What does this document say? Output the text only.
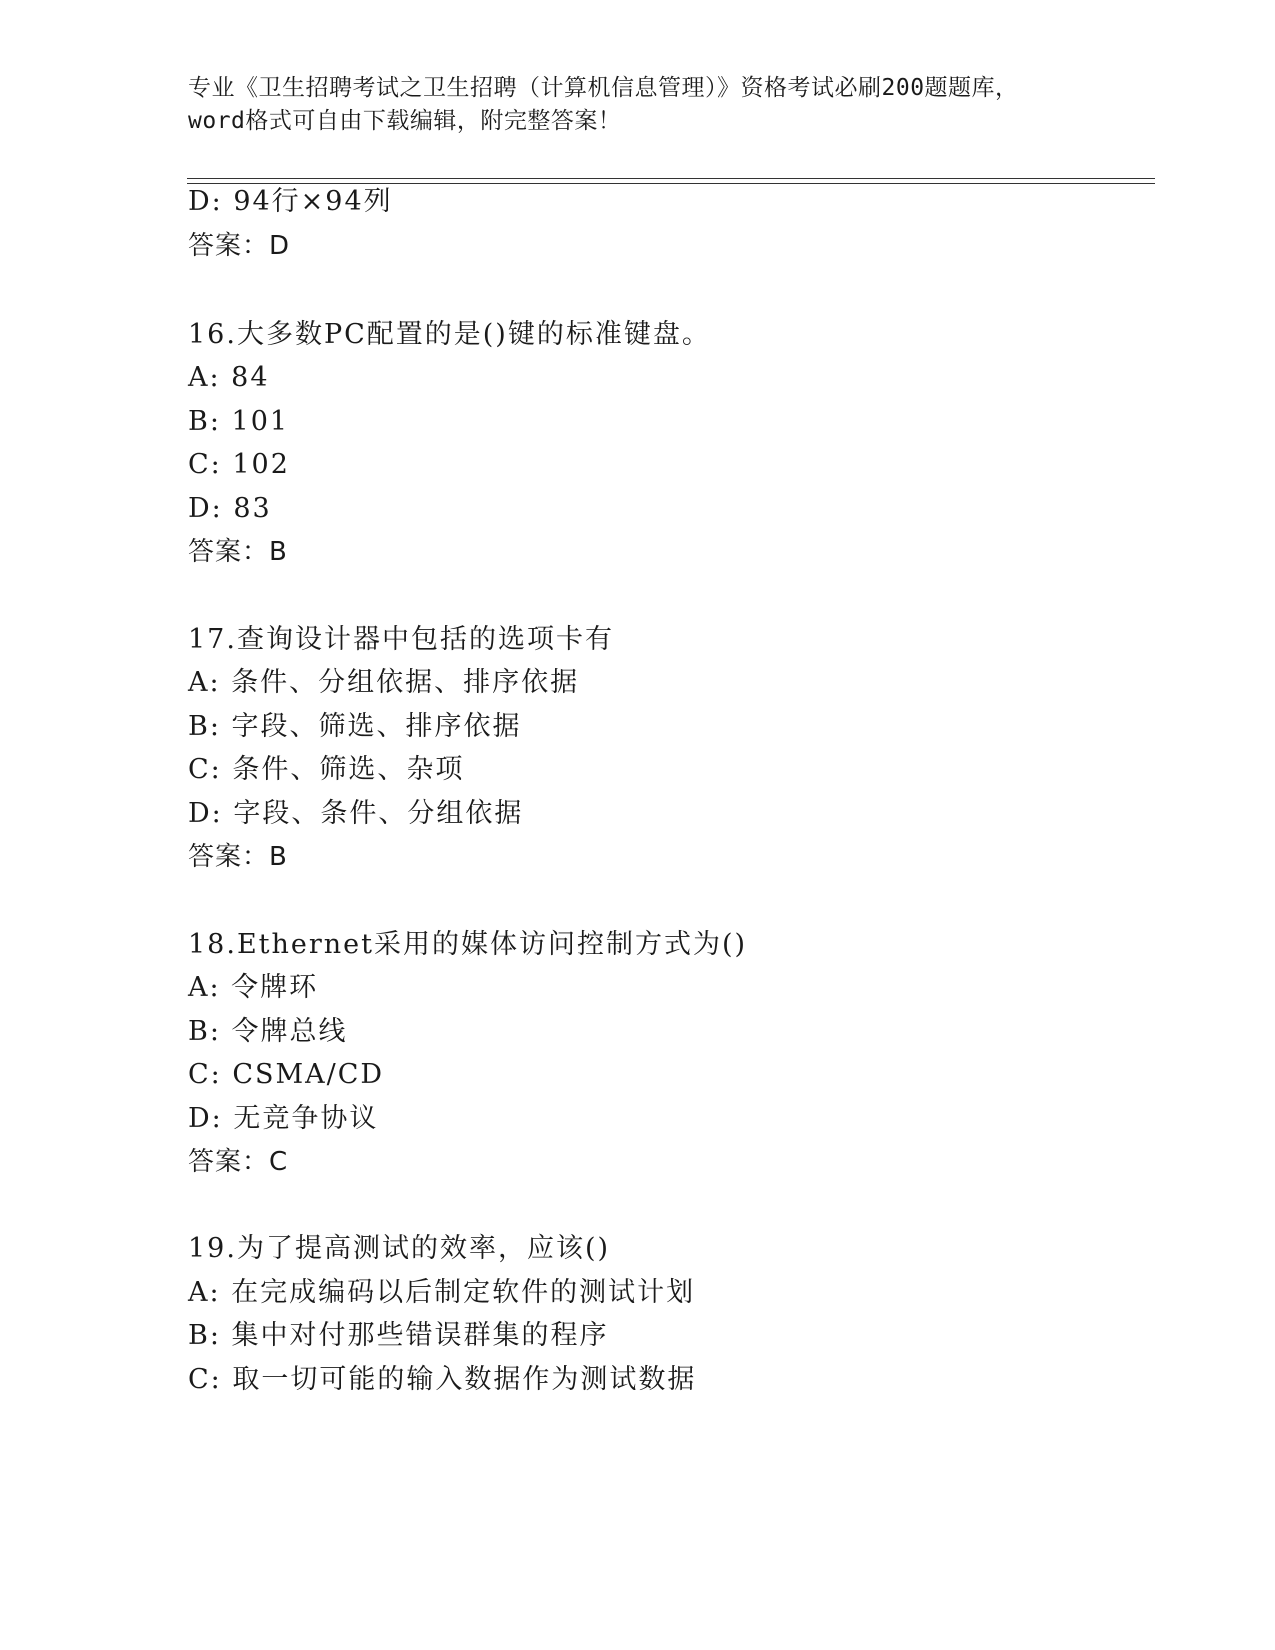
专业《卫生招聘考试之卫生招聘（计算机信息管理）》资格考试必刷200题题库，
word格式可自由下载编辑，附完整答案！
D: 94行×94列
答案：D
16.大多数PC配置的是()键的标准键盘。
A: 84
B: 101
C: 102
D: 83
答案：B
17.查询设计器中包括的选项卡有
A: 条件、分组依据、排序依据
B: 字段、筛选、排序依据
C: 条件、筛选、杂项
D: 字段、条件、分组依据
答案：B
18.Ethernet采用的媒体访问控制方式为()
A: 令牌环
B: 令牌总线
C: CSMA/CD
D: 无竞争协议
答案：C
19.为了提高测试的效率，应该()
A: 在完成编码以后制定软件的测试计划
B: 集中对付那些错误群集的程序
C: 取一切可能的输入数据作为测试数据
